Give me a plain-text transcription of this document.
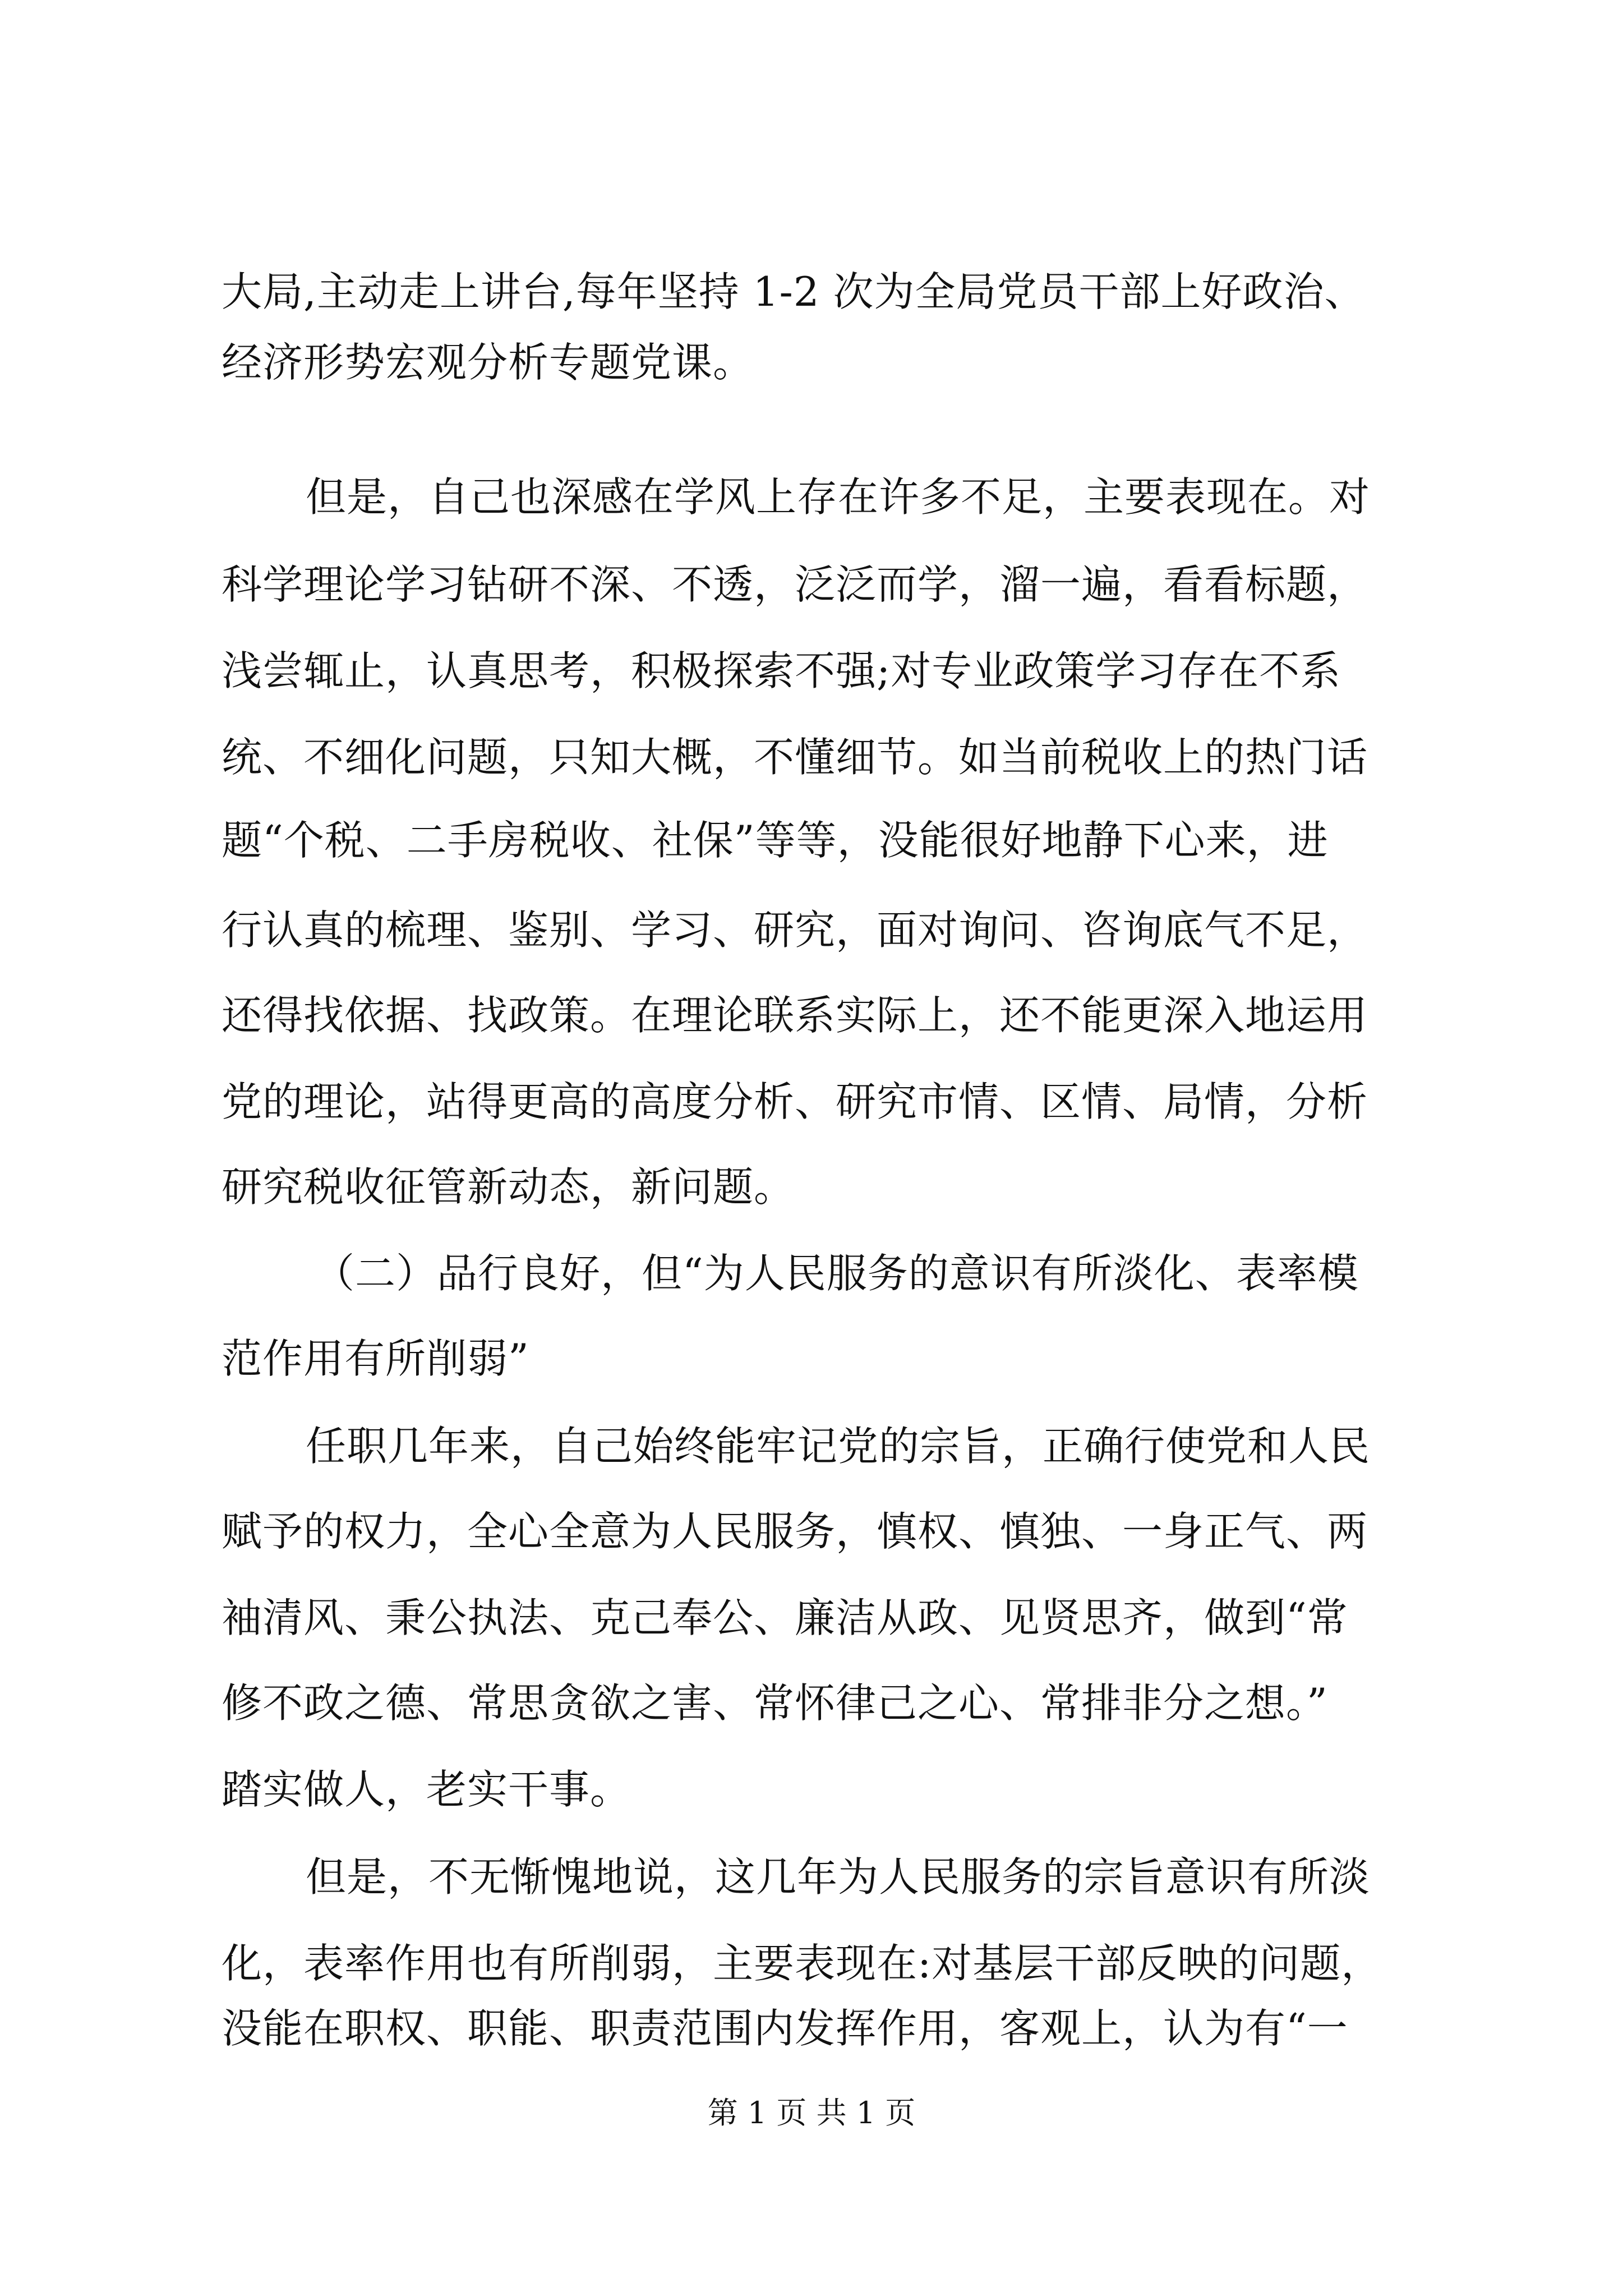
大局,主动走上讲台,每年坚持 1-2 次为全局党员干部上好政治、
经济形势宏观分析专题党课。
但是，自己也深感在学风上存在许多不足，主要表现在。对
科学理论学习钻研不深、不透，泛泛而学，溜一遍，看看标题，
浅尝辄止，认真思考，积极探索不强;对专业政策学习存在不系
统、不细化问题，只知大概，不懂细节。如当前税收上的热门话
题“个税、二手房税收、社保”等等，没能很好地静下心来，进
行认真的梳理、鉴别、学习、研究，面对询问、咨询底气不足，
还得找依据、找政策。在理论联系实际上，还不能更深入地运用
党的理论，站得更高的高度分析、研究市情、区情、局情，分析
研究税收征管新动态，新问题。
（二）品行良好，但“为人民服务的意识有所淡化、表率模
范作用有所削弱”
任职几年来，自己始终能牢记党的宗旨，正确行使党和人民
赋予的权力，全心全意为人民服务，慎权、慎独、一身正气、两
袖清风、秉公执法、克己奉公、廉洁从政、见贤思齐，做到“常
修不政之德、常思贪欲之害、常怀律己之心、常排非分之想。”
踏实做人，老实干事。
但是，不无惭愧地说，这几年为人民服务的宗旨意识有所淡
化，表率作用也有所削弱，主要表现在:对基层干部反映的问题，
没能在职权、职能、职责范围内发挥作用，客观上，认为有“一
第 1 页 共 1 页
